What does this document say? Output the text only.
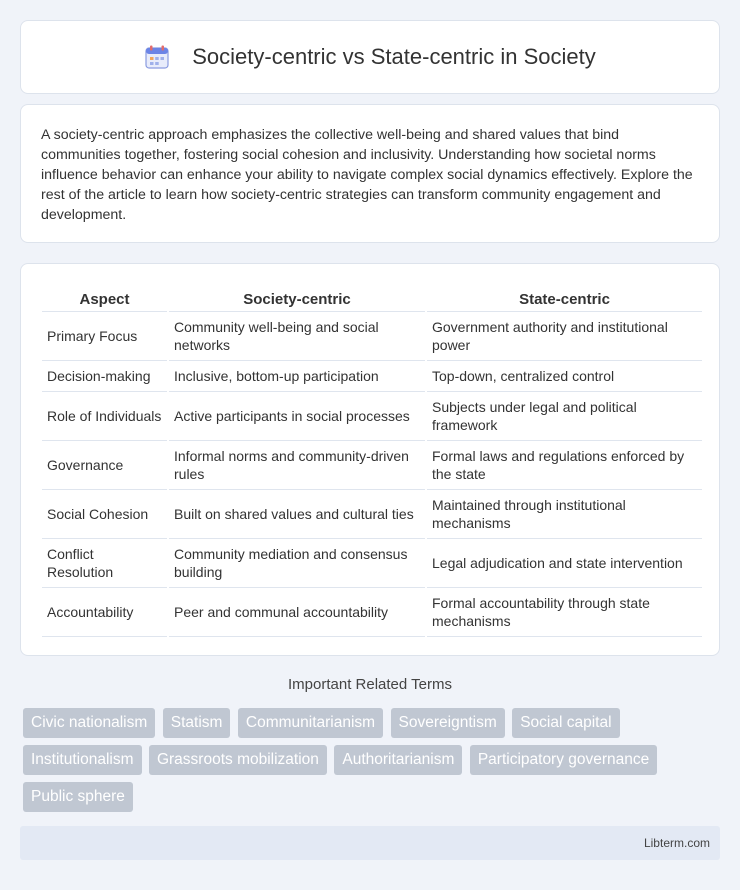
Society-centric vs State-centric in Society

A society-centric approach emphasizes the collective well-being and shared values that bind communities together, fostering social cohesion and inclusivity. Understanding how societal norms influence behavior can enhance your ability to navigate complex social dynamics effectively. Explore the rest of the article to learn how society-centric strategies can transform community engagement and development.

Aspect	Society-centric	State-centric
Primary Focus	Community well-being and social networks	Government authority and institutional power
Decision-making	Inclusive, bottom-up participation	Top-down, centralized control
Role of Individuals	Active participants in social processes	Subjects under legal and political framework
Governance	Informal norms and community-driven rules	Formal laws and regulations enforced by the state
Social Cohesion	Built on shared values and cultural ties	Maintained through institutional mechanisms
Conflict Resolution	Community mediation and consensus building	Legal adjudication and state intervention
Accountability	Peer and communal accountability	Formal accountability through state mechanisms
Important Related Terms
Civic nationalism Statism Communitarianism Sovereigntism Social capital Institutionalism Grassroots mobilization Authoritarianism Participatory governance Public sphere
Libterm.com
